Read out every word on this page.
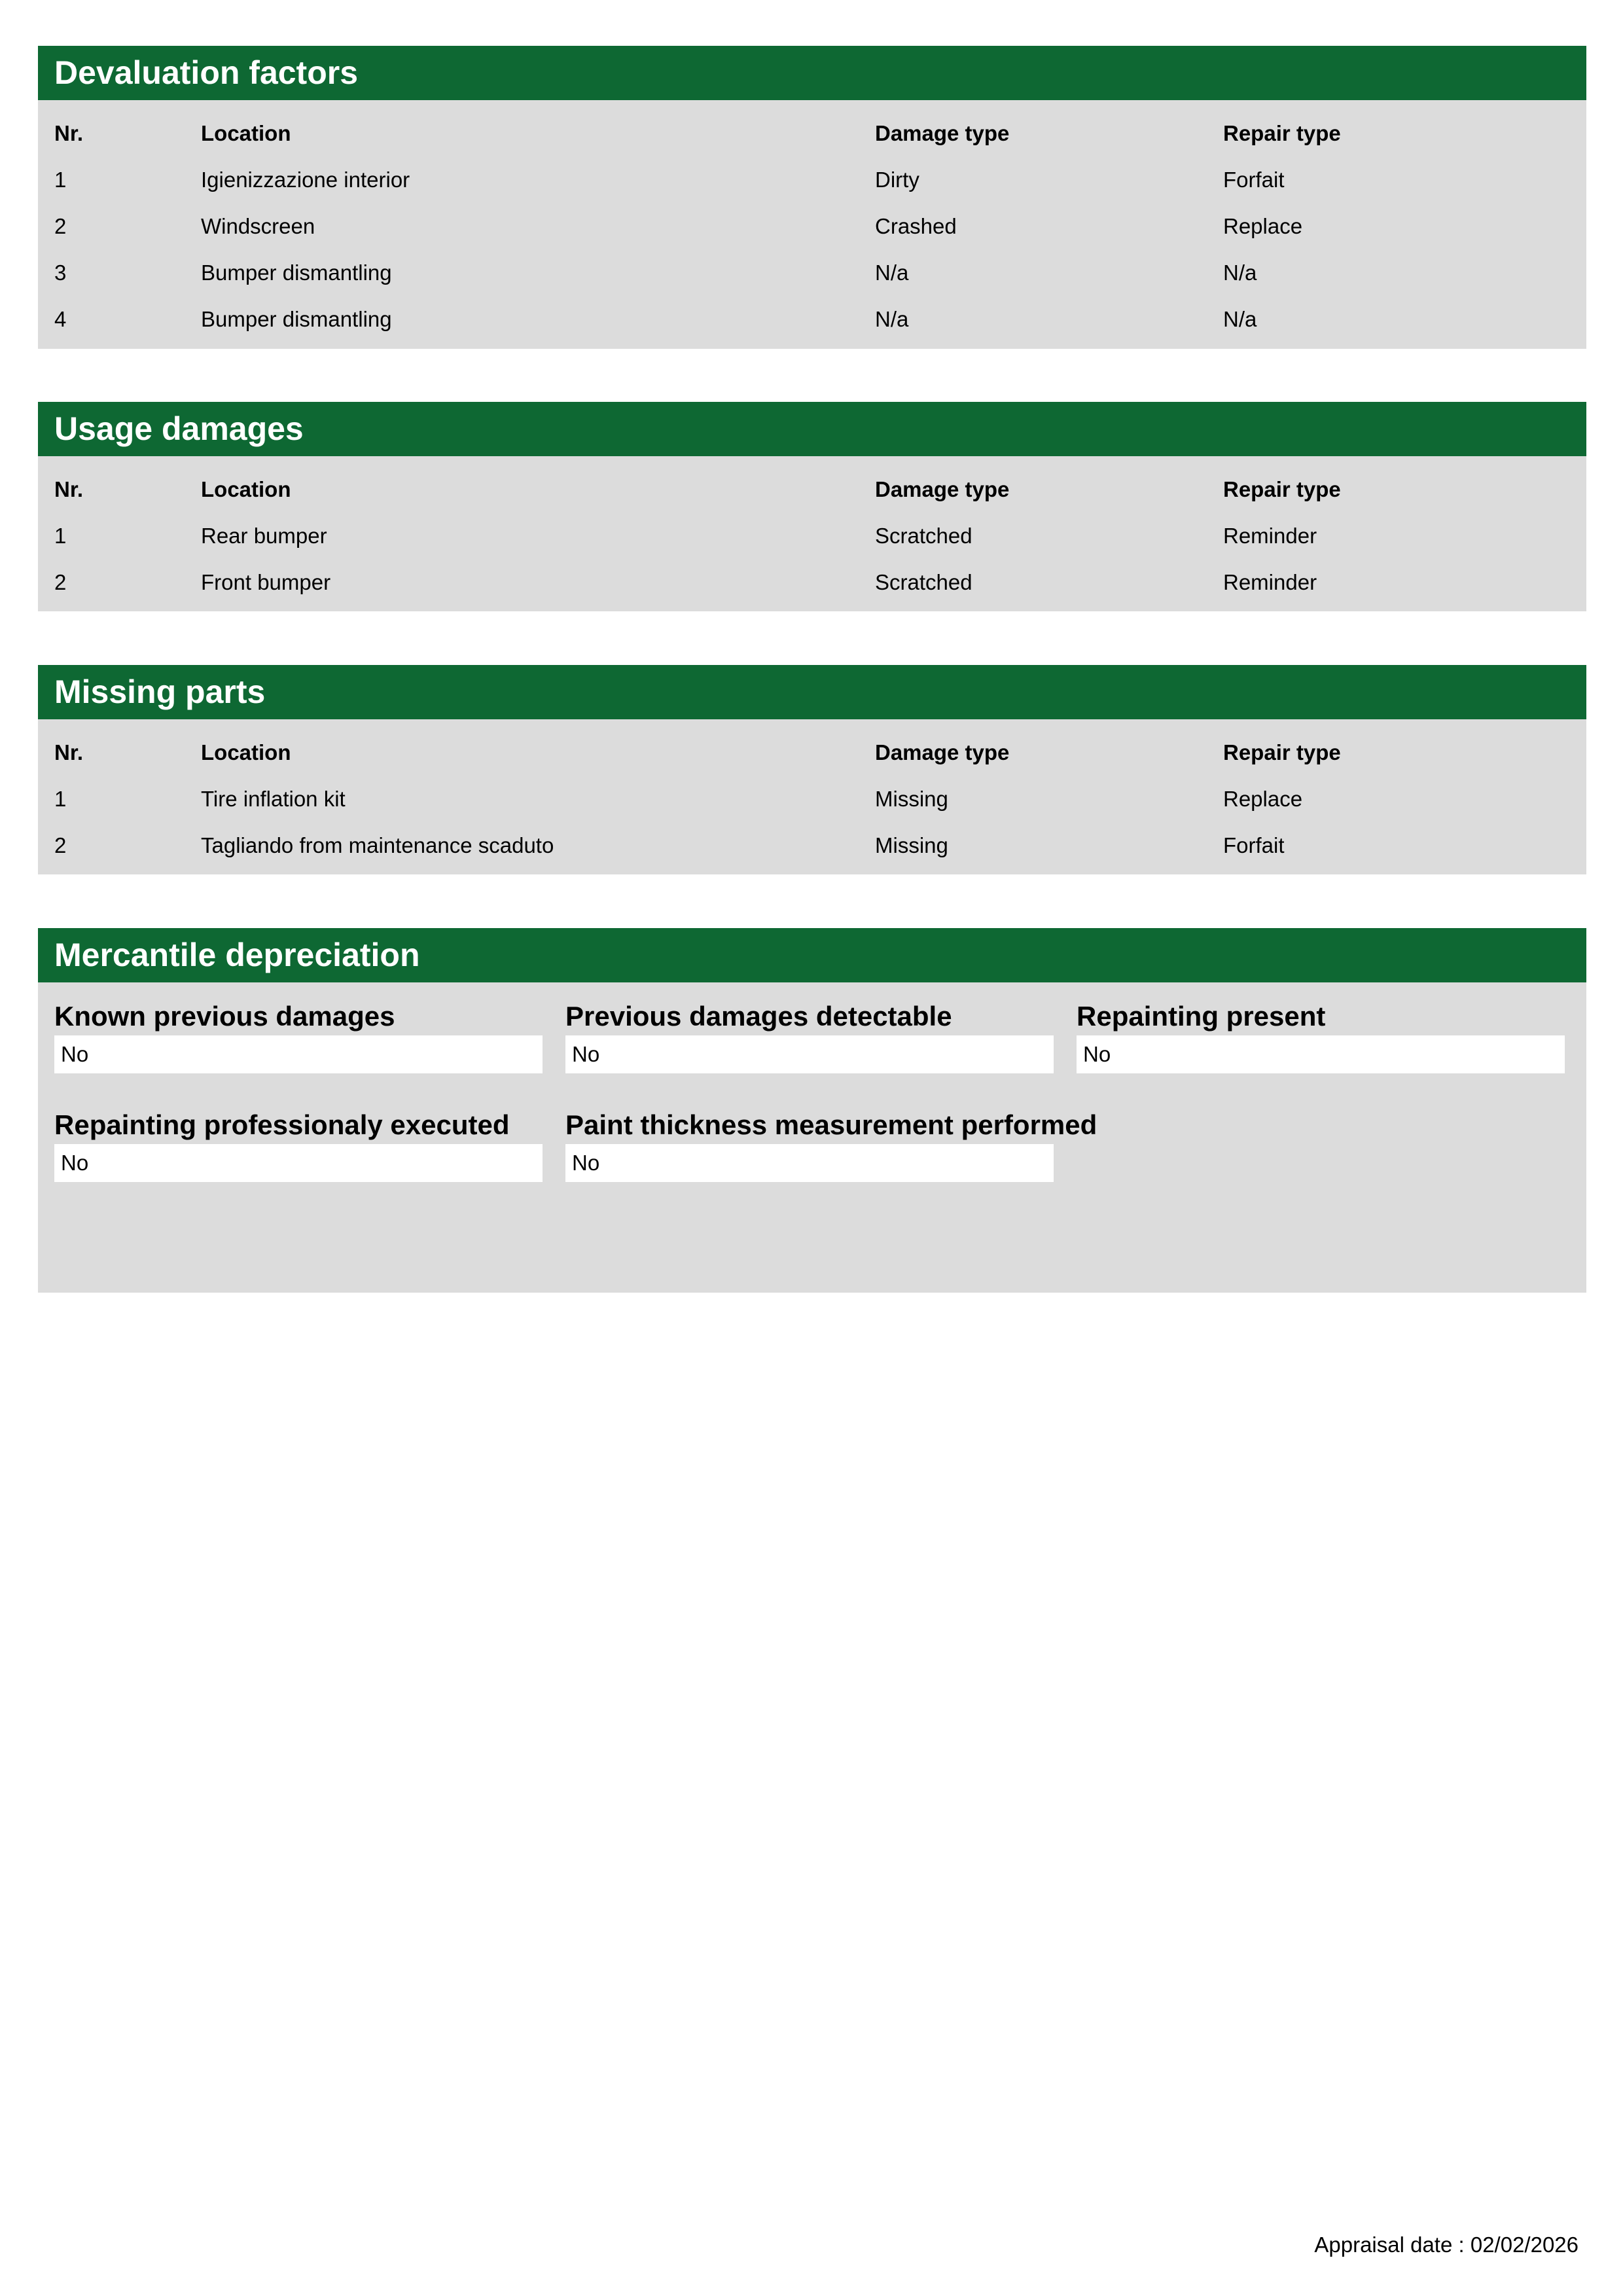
Devaluation factors
Nr.	Location	Damage type	Repair type
1	Igienizzazione interior	Dirty	Forfait
2	Windscreen	Crashed	Replace
3	Bumper dismantling	N/a	N/a
4	Bumper dismantling	N/a	N/a
Usage damages
Nr.	Location	Damage type	Repair type
1	Rear bumper	Scratched	Reminder
2	Front bumper	Scratched	Reminder
Missing parts
Nr.	Location	Damage type	Repair type
1	Tire inflation kit	Missing	Replace
2	Tagliando from maintenance scaduto	Missing	Forfait
Mercantile depreciation
Known previous damages
No
Previous damages detectable
No
Repainting present
No
Repainting professionaly executed
No
Paint thickness measurement performed
No
Appraisal date : 02/02/2026
